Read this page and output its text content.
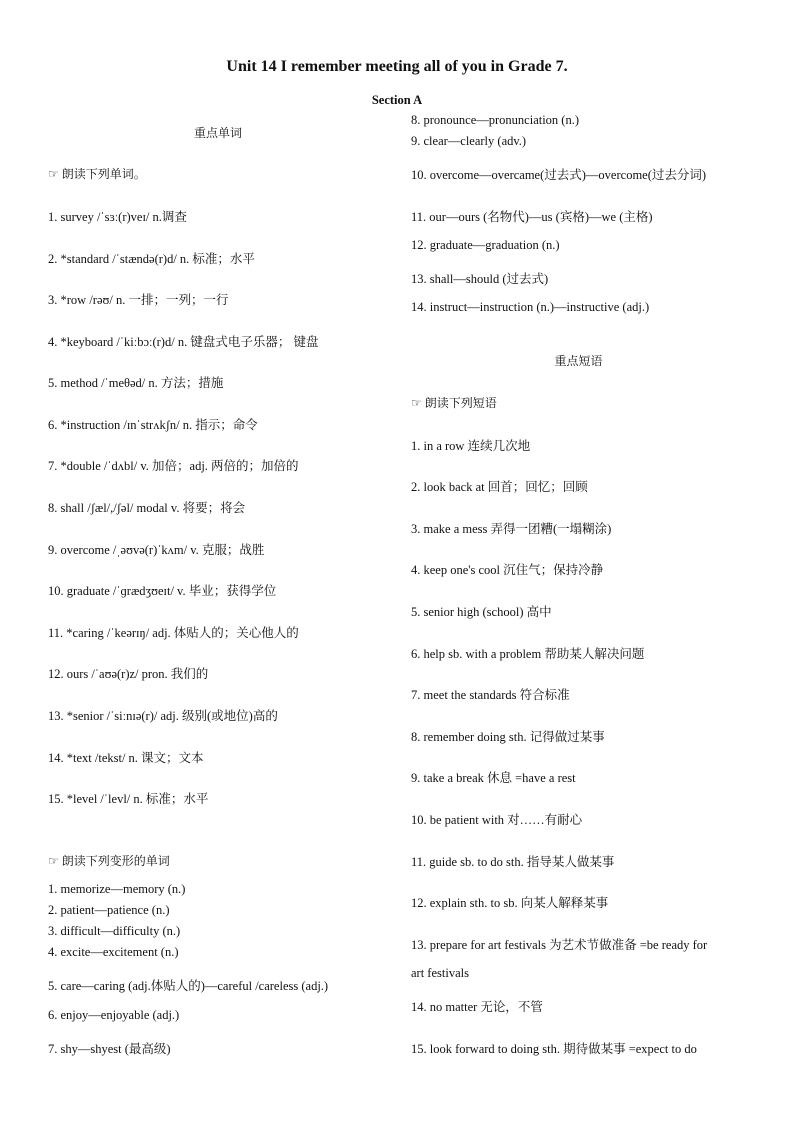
Unit 14 I remember meeting all of you in Grade 7.
Section A
重点单词
☞ 朗读下列单词。
1. survey /ˈsɜː(r)veɪ/ n.调查
2. *standard /ˈstændə(r)d/ n. 标准；水平
3. *row /rəʊ/ n. 一排；一列；一行
4. *keyboard /ˈkiːbɔː(r)d/ n. 键盘式电子乐器； 键盘
5. method /ˈmeθəd/ n. 方法；措施
6. *instruction /ɪnˈstrʌkʃn/ n. 指示；命令
7. *double /ˈdʌbl/ v. 加倍；adj. 两倍的；加倍的
8. shall /ʃæl/,/ʃəl/ modal v. 将要；将会
9. overcome /ˌəʊvə(r)ˈkʌm/ v. 克服；战胜
10. graduate /ˈɡrædʒʊeɪt/ v. 毕业；获得学位
11. *caring /ˈkeərɪŋ/ adj. 体贴人的；关心他人的
12. ours /ˈaʊə(r)z/ pron. 我们的
13. *senior /ˈsiːnɪə(r)/ adj. 级别(或地位)高的
14. *text /tekst/ n. 课文；文本
15. *level /ˈlevl/ n. 标准；水平
☞ 朗读下列变形的单词
1. memorize—memory (n.)
2. patient—patience (n.)
3. difficult—difficulty (n.)
4. excite—excitement (n.)
5. care—caring (adj.体贴人的)—careful /careless (adj.)
6. enjoy—enjoyable (adj.)
7. shy—shyest (最高级)
8. pronounce—pronunciation (n.)
9. clear—clearly (adv.)
10. overcome—overcame(过去式)—overcome(过去分词)
11. our—ours (名物代)—us (宾格)—we (主格)
12. graduate—graduation (n.)
13. shall—should (过去式)
14. instruct—instruction (n.)—instructive (adj.)
重点短语
☞ 朗读下列短语
1. in a row 连续几次地
2. look back at 回首；回忆；回顾
3. make a mess 弄得一团糟(一塌糊涂)
4. keep one's cool 沉住气；保持冷静
5. senior high (school) 高中
6. help sb. with a problem 帮助某人解决问题
7. meet the standards 符合标准
8. remember doing sth. 记得做过某事
9. take a break 休息 =have a rest
10. be patient with 对……有耐心
11. guide sb. to do sth. 指导某人做某事
12. explain sth. to sb. 向某人解释某事
13. prepare for art festivals 为艺术节做准备 =be ready for
art festivals
14. no matter 无论，不管
15. look forward to doing sth. 期待做某事 =expect to do
